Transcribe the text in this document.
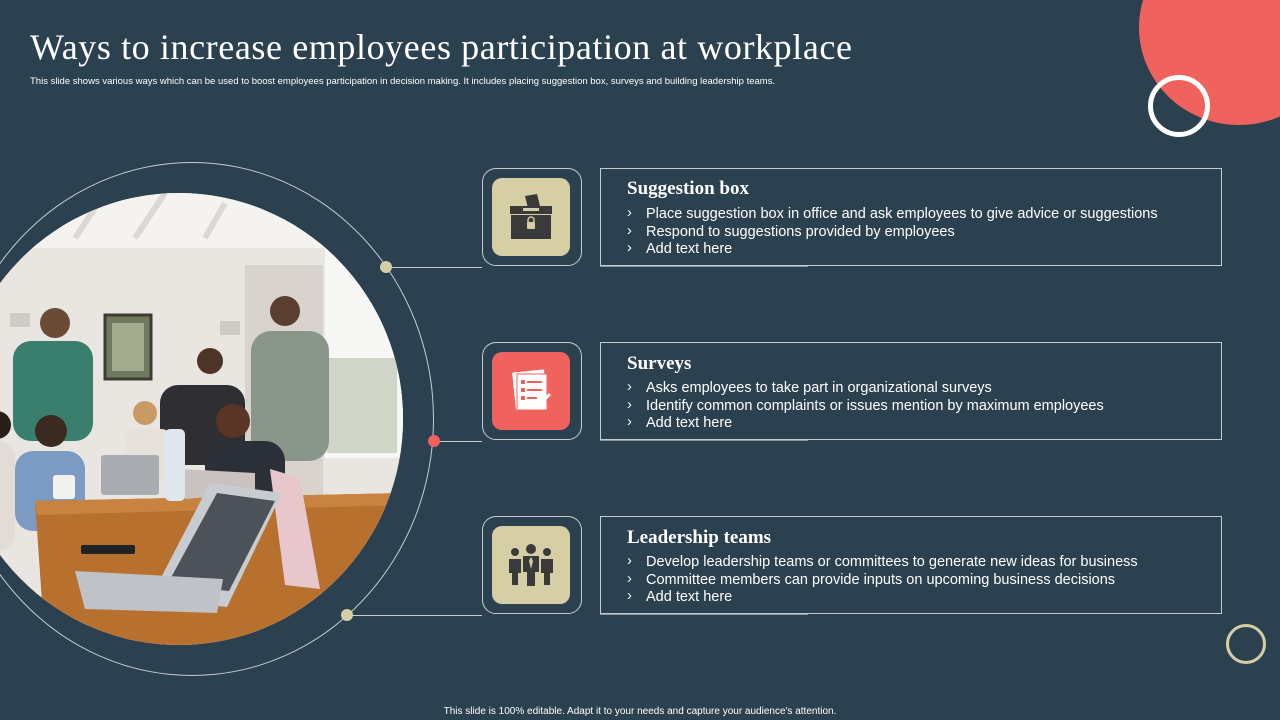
Ways to increase employees participation at workplace
This slide shows various ways which can be used to boost employees participation in decision making. It includes placing suggestion box, surveys and building leadership teams.
Suggestion box
› Place suggestion box in office and ask employees to give advice or suggestions
› Respond to suggestions provided by employees
› Add text here
Surveys
› Asks employees to take part in organizational surveys
› Identify common complaints or issues mention by maximum employees
› Add text here
Leadership teams
› Develop leadership teams or committees to generate new ideas for business
› Committee members can provide inputs on upcoming business decisions
› Add text here
This slide is 100% editable. Adapt it to your needs and capture your audience's attention.
